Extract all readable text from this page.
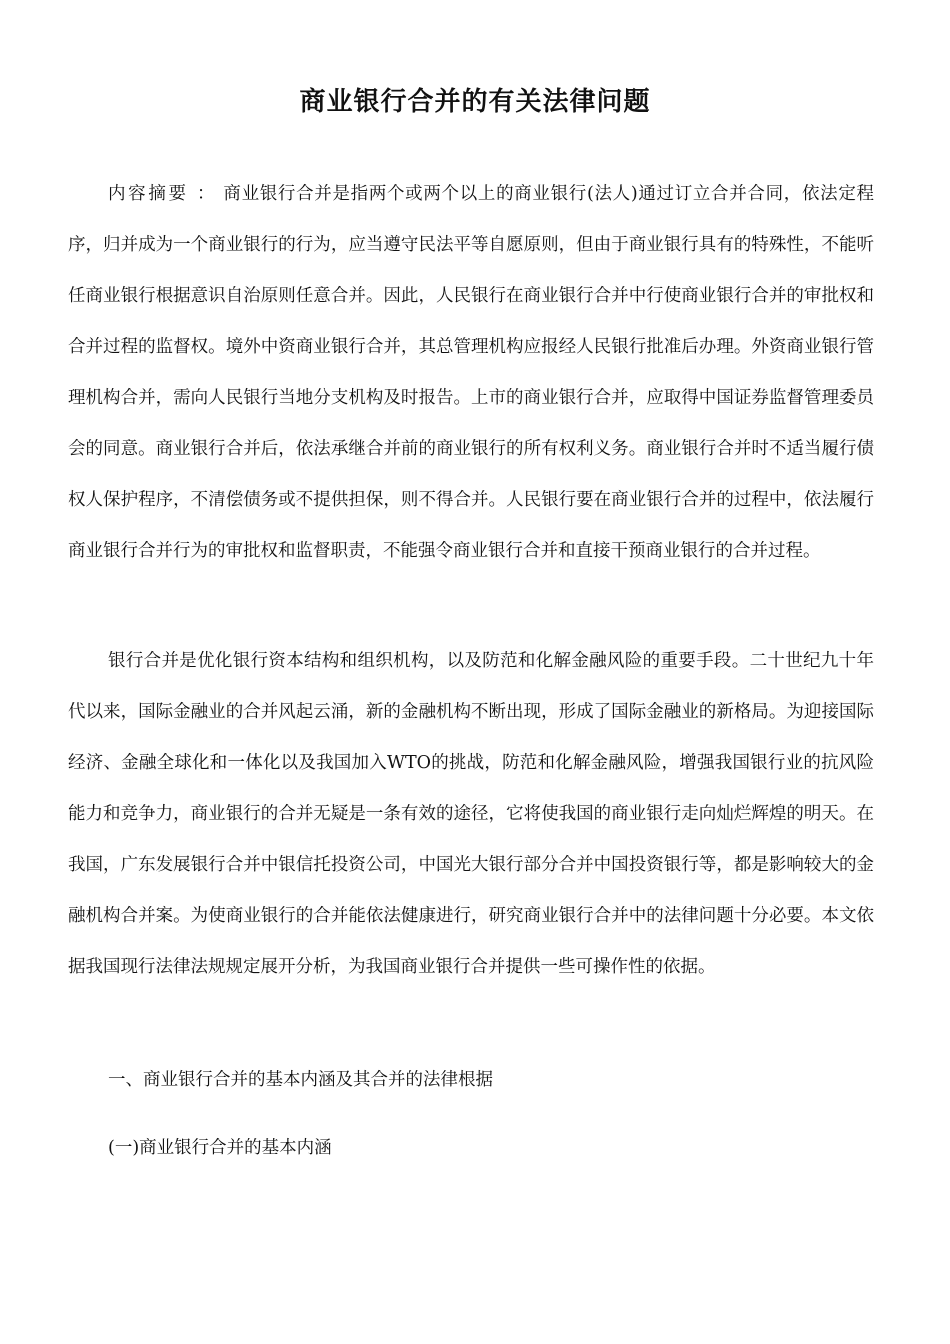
商业银行合并的有关法律问题

内容摘要 ： 商业银行合并是指两个或两个以上的商业银行(法人)通过订立合并合同，依法定程序，归并成为一个商业银行的行为，应当遵守民法平等自愿原则，但由于商业银行具有的特殊性，不能听任商业银行根据意识自治原则任意合并。因此，人民银行在商业银行合并中行使商业银行合并的审批权和合并过程的监督权。境外中资商业银行合并，其总管理机构应报经人民银行批准后办理。外资商业银行管理机构合并，需向人民银行当地分支机构及时报告。上市的商业银行合并，应取得中国证券监督管理委员会的同意。商业银行合并后，依法承继合并前的商业银行的所有权利义务。商业银行合并时不适当履行债权人保护程序，不清偿债务或不提供担保，则不得合并。人民银行要在商业银行合并的过程中，依法履行商业银行合并行为的审批权和监督职责，不能强令商业银行合并和直接干预商业银行的合并过程。

银行合并是优化银行资本结构和组织机构，以及防范和化解金融风险的重要手段。二十世纪九十年代以来，国际金融业的合并风起云涌，新的金融机构不断出现，形成了国际金融业的新格局。为迎接国际经济、金融全球化和一体化以及我国加入WTO的挑战，防范和化解金融风险，增强我国银行业的抗风险能力和竞争力，商业银行的合并无疑是一条有效的途径，它将使我国的商业银行走向灿烂辉煌的明天。在我国，广东发展银行合并中银信托投资公司，中国光大银行部分合并中国投资银行等，都是影响较大的金融机构合并案。为使商业银行的合并能依法健康进行，研究商业银行合并中的法律问题十分必要。本文依据我国现行法律法规规定展开分析，为我国商业银行合并提供一些可操作性的依据。

一、商业银行合并的基本内涵及其合并的法律根据
(一)商业银行合并的基本内涵
